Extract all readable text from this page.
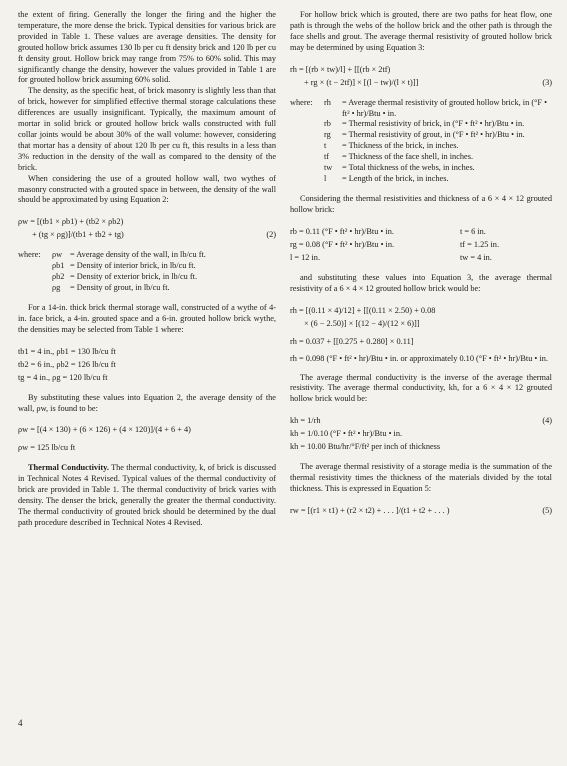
the extent of firing. Generally the longer the firing and the higher the temperature, the more dense the brick. Typical densities for various brick are provided in Table 1. These values are average densities. The density for grouted hollow brick assumes 130 lb per cu ft density brick and 120 lb per cu ft density grout. Hollow brick may range from 75% to 60% solid. This may significantly change the density, however the values provided in Table 1 are for grouted hollow brick assuming 60% solid.

The density, as the specific heat, of brick masonry is slightly less than that of brick, however for simplified effective thermal storage calculations these differences are usually insignificant. Typically, the maximum amount of mortar in solid brick or grouted hollow brick walls constructed with full collar joints would be about 30% of the wall volume: however, considering that mortar has a density of about 120 lb per cu ft, this results in a less than 3% reduction in the density of the wall as compared to the density of the brick.

When considering the use of a grouted hollow wall, two wythes of masonry constructed with a grouted space in between, the density of the wall should be approximated by using Equation 2:

ρw = [(tb1 × ρb1) + (tb2 × ρb2)
+ (tg × ρg)]/(tb1 + tb2 + tg)	(2)
where:	ρw = Average density of the wall, in lb/cu ft.
ρb1 = Density of interior brick, in lb/cu ft.
ρb2 = Density of exterior brick, in lb/cu ft.
ρg	= Density of grout, in lb/cu ft.

For a 14-in. thick brick thermal storage wall, constructed of a wythe of 4-in. face brick, a 4-in. grouted space and a 6-in. grouted hollow brick wythe, the densities may be selected from Table 1 where:

tb1 = 4 in., ρb1 = 130 lb/cu ft
tb2 = 6 in., ρb2 = 126 lb/cu ft
tg = 4 in., ρg = 120 lb/cu ft

By substituting these values into Equation 2, the average density of the wall, ρw, is found to be:

ρw = [(4 × 130) + (6 × 126) + (4 × 120)]/(4 + 6 + 4)
ρw = 125 lb/cu ft

Thermal Conductivity. The thermal conductivity, k, of brick is discussed in Technical Notes 4 Revised. Typical values of the thermal conductivity of brick are provided in Table 1. The thermal conductivity of brick varies with density. The denser the brick, generally the greater the thermal conductivity. The thermal conductivity of grouted brick should be determined by the dual path procedure described in Technical Notes 4 Revised.

4

For hollow brick which is grouted, there are two paths for heat flow, one path is through the webs of the hollow brick and the other path is through the face shells and grout. The average thermal resistivity of grouted hollow brick may be determined by using Equation 3:

rh = [(rb × tw)/l] + [[(rb × 2tf)
+ rg × (t − 2tf)] × [(l − tw)/(l × t)]]	(3)
where:	rh	= Average thermal resistivity of grouted hollow brick, in (°F • ft² • hr)/Btu • in.
rb	= Thermal resistivity of brick, in (°F • ft² • hr)/Btu • in.
rg	= Thermal resistivity of grout, in (°F • ft² • hr)/Btu • in.
t	= Thickness of the brick, in inches.
tf	= Thickness of the face shell, in inches.
tw	= Total thickness of the webs, in inches.
l	= Length of the brick, in inches.

Considering the thermal resistivities and thickness of a 6 × 4 × 12 grouted hollow brick:

rb = 0.11 (°F • ft² • hr)/Btu • in.	t = 6 in.
rg = 0.08 (°F • ft² • hr)/Btu • in.	tf = 1.25 in.
l = 12 in.	tw = 4 in.

and substituting these values into Equation 3, the average thermal resistivity of a 6 × 4 × 12 grouted hollow brick would be:

rh = [(0.11 × 4)/12] + [[(0.11 × 2.50) + 0.08
× (6 − 2.50)] × [(12 − 4)/(12 × 6)]]
rh = 0.037 + [[0.275 + 0.280] × 0.11]

rh = 0.098 (°F • ft² • hr)/Btu • in. or approximately 0.10 (°F • ft² • hr)/Btu • in.

The average thermal conductivity is the inverse of the average thermal resistivity. The average thermal conductivity, kh, for a 6 × 4 × 12 grouted hollow brick would be:

kh = 1/rh	(4)
kh = 1/0.10 (°F • ft² • hr)/Btu • in.
kh = 10.00 Btu/hr/°F/ft² per inch of thickness

The average thermal resistivity of a storage media is the summation of the thermal resistivity times the thickness of the materials divided by the total thickness. This is expressed in Equation 5:

rw = [(r1 × t1) + (r2 × t2) + . . . ]/(t1 + t2 + . . . )	(5)
